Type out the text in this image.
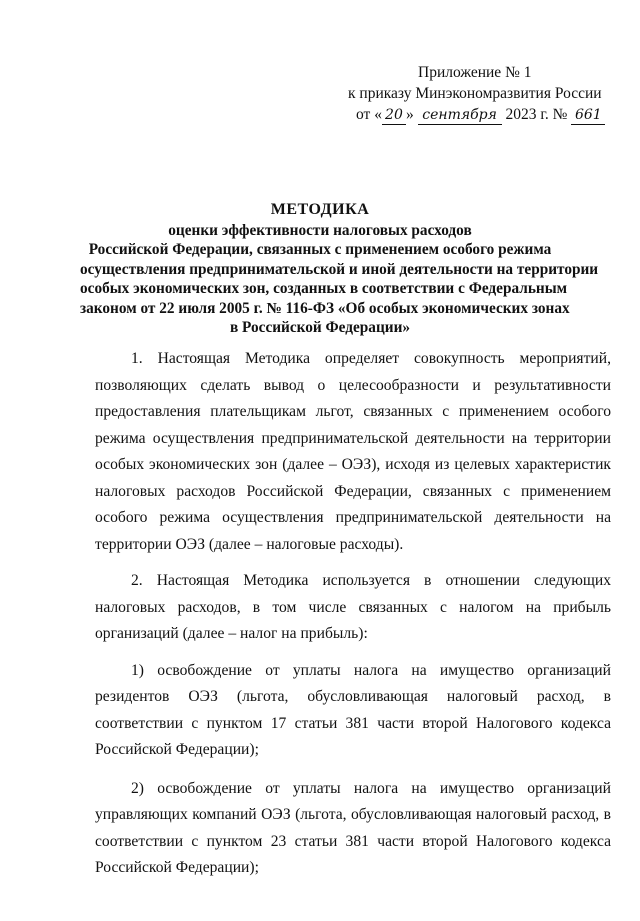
Приложение № 1
к приказу Минэкономразвития России
от « 20 » сентября 2023 г. № 661
МЕТОДИКА
оценки эффективности налоговых расходов
Российской Федерации, связанных с применением особого режима
осуществления предпринимательской и иной деятельности на территории
особых экономических зон, созданных в соответствии с Федеральным
законом от 22 июля 2005 г. № 116-ФЗ «Об особых экономических зонах
в Российской Федерации»

1. Настоящая Методика определяет совокупность мероприятий, позволяющих сделать вывод о целесообразности и результативности предоставления плательщикам льгот, связанных с применением особого режима осуществления предпринимательской деятельности на территории особых экономических зон (далее – ОЭЗ), исходя из целевых характеристик налоговых расходов Российской Федерации, связанных с применением особого режима осуществления предпринимательской деятельности на территории ОЭЗ (далее – налоговые расходы).

2. Настоящая Методика используется в отношении следующих налоговых расходов, в том числе связанных с налогом на прибыль организаций (далее – налог на прибыль):

1) освобождение от уплаты налога на имущество организаций резидентов ОЭЗ (льгота, обусловливающая налоговый расход, в соответствии с пунктом 17 статьи 381 части второй Налогового кодекса Российской Федерации);

2) освобождение от уплаты налога на имущество организаций управляющих компаний ОЭЗ (льгота, обусловливающая налоговый расход, в соответствии с пунктом 23 статьи 381 части второй Налогового кодекса Российской Федерации);
